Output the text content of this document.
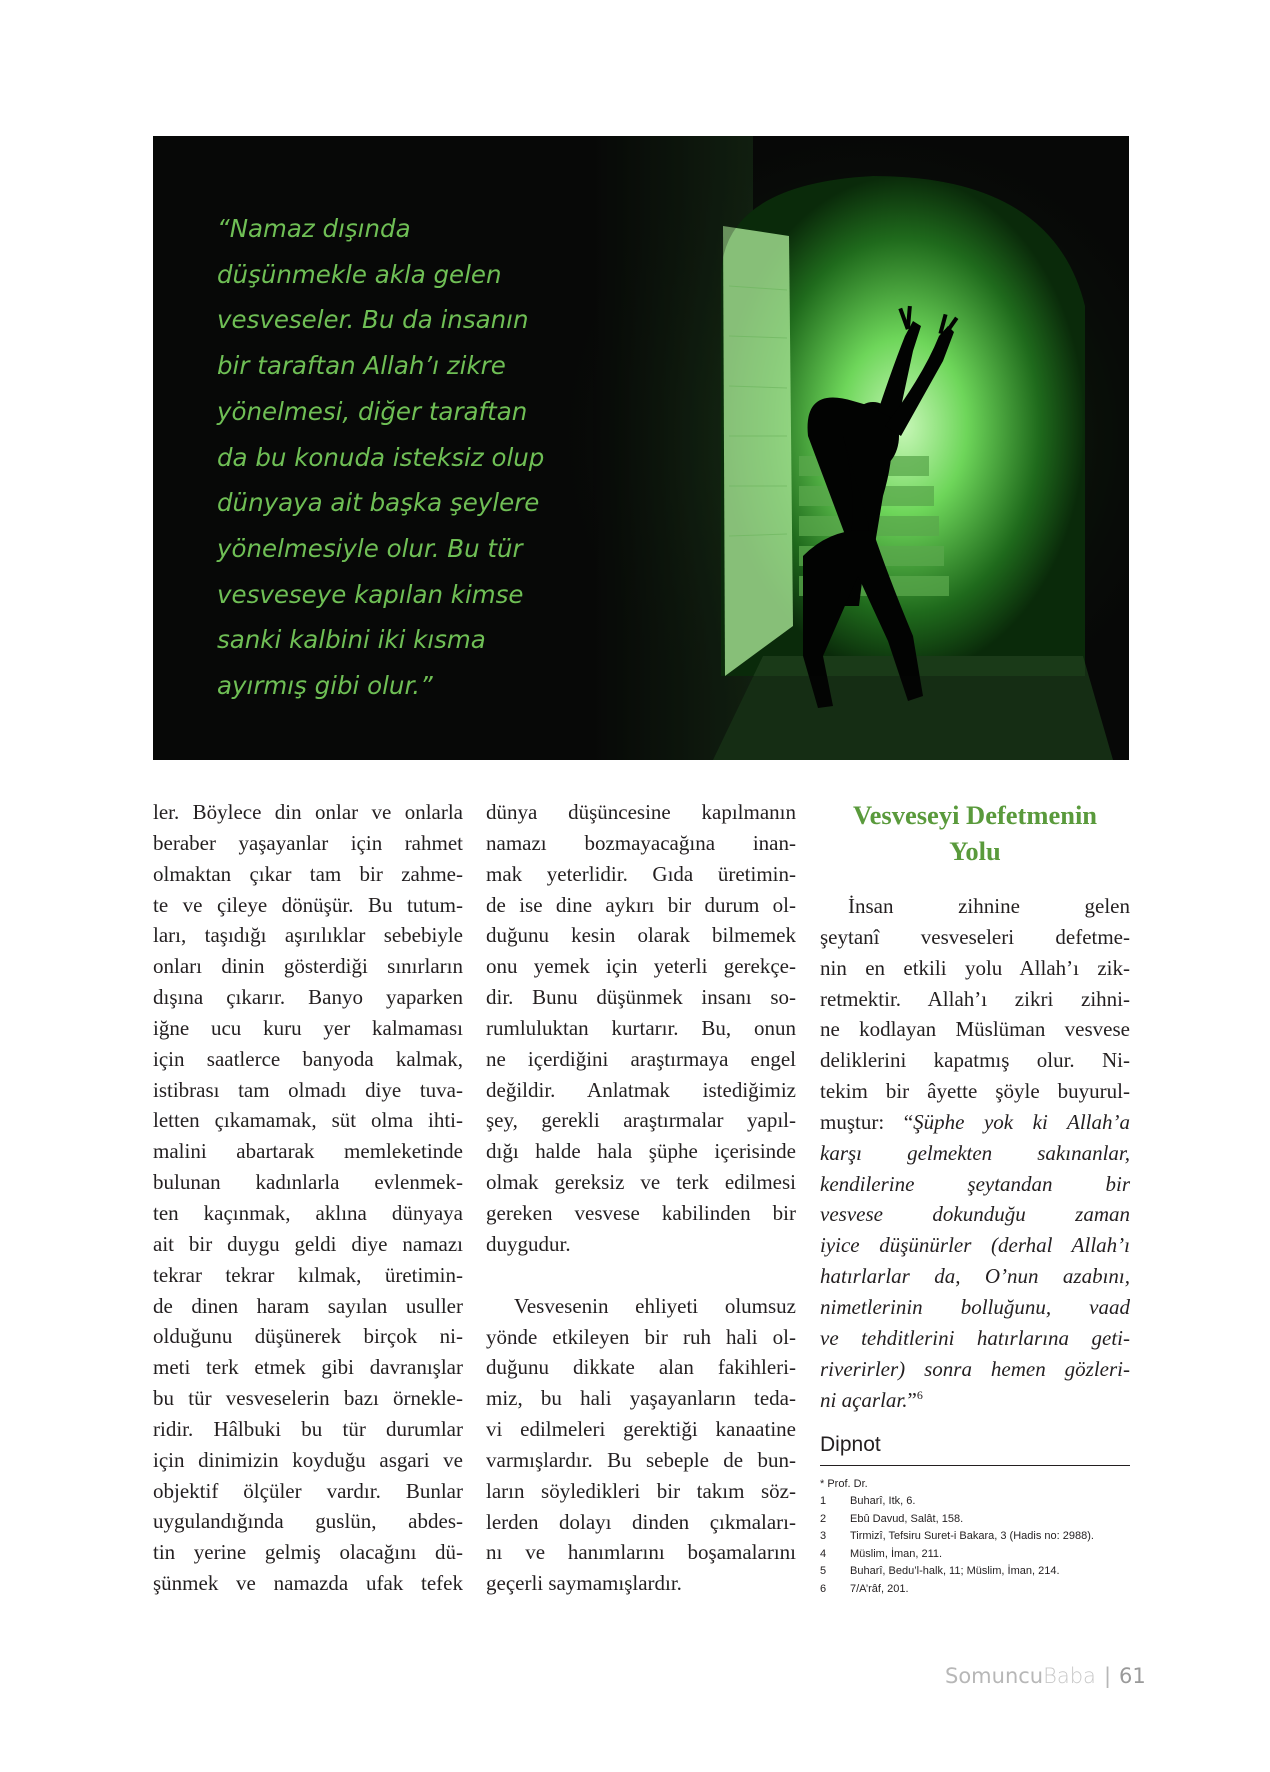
“Namaz dışında
düşünmekle akla gelen
vesveseler. Bu da insanın
bir taraftan Allah’ı zikre
yönelmesi, diğer taraftan
da bu konuda isteksiz olup
dünyaya ait başka şeylere
yönelmesiyle olur. Bu tür
vesveseye kapılan kimse
sanki kalbini iki kısma
ayırmış gibi olur.”
ler. Böylece din onlar ve onlarla
beraber yaşayanlar için rahmet
olmaktan çıkar tam bir zahme-
te ve çileye dönüşür. Bu tutum-
ları, taşıdığı aşırılıklar sebebiyle
onları dinin gösterdiği sınırların
dışına çıkarır. Banyo yaparken
iğne ucu kuru yer kalmaması
için saatlerce banyoda kalmak,
istibrası tam olmadı diye tuva-
letten çıkamamak, süt olma ihti-
malini abartarak memleketinde
bulunan kadınlarla evlenmek-
ten kaçınmak, aklına dünyaya
ait bir duygu geldi diye namazı
tekrar tekrar kılmak, üretimin-
de dinen haram sayılan usuller
olduğunu düşünerek birçok ni-
meti terk etmek gibi davranışlar
bu tür vesveselerin bazı örnekle-
ridir. Hâlbuki bu tür durumlar
için dinimizin koyduğu asgari ve
objektif ölçüler vardır. Bunlar
uygulandığında guslün, abdes-
tin yerine gelmiş olacağını dü-
şünmek ve namazda ufak tefek
dünya düşüncesine kapılmanın
namazı bozmayacağına inan-
mak yeterlidir. Gıda üretimin-
de ise dine aykırı bir durum ol-
duğunu kesin olarak bilmemek
onu yemek için yeterli gerekçe-
dir. Bunu düşünmek insanı so-
rumluluktan kurtarır. Bu, onun
ne içerdiğini araştırmaya engel
değildir. Anlatmak istediğimiz
şey, gerekli araştırmalar yapıl-
dığı halde hala şüphe içerisinde
olmak gereksiz ve terk edilmesi
gereken vesvese kabilinden bir
duygudur.
Vesvesenin ehliyeti olumsuz
yönde etkileyen bir ruh hali ol-
duğunu dikkate alan fakihleri-
miz, bu hali yaşayanların teda-
vi edilmeleri gerektiği kanaatine
varmışlardır. Bu sebeple de bun-
ların söyledikleri bir takım söz-
lerden dolayı dinden çıkmaları-
nı ve hanımlarını boşamalarını
geçerli saymamışlardır.
Vesveseyi Defetmenin
Yolu
İnsan zihnine gelen
şeytanî vesveseleri defetme-
nin en etkili yolu Allah’ı zik-
retmektir. Allah’ı zikri zihni-
ne kodlayan Müslüman vesvese
deliklerini kapatmış olur. Ni-
tekim bir âyette şöyle buyurul-
muştur: “Şüphe yok ki Allah’a
karşı gelmekten sakınanlar,
kendilerine şeytandan bir
vesvese dokunduğu zaman
iyice düşünürler (derhal Allah’ı
hatırlarlar da, O’nun azabını,
nimetlerinin bolluğunu, vaad
ve tehditlerini hatırlarına geti-
riverirler) sonra hemen gözleri-
ni açarlar.”$^6$
Dipnot
* Prof. Dr.
1	Buharî, Itk, 6.
2	Ebû Davud, Salât, 158.
3	Tirmizî, Tefsiru Suret-i Bakara, 3 (Hadis no: 2988).
4	Müslim, İman, 211.
5	Buharî, Bedu’l-halk, 11; Müslim, İman, 214.
6	7/A’râf, 201.
SomuncuBaba | 61
